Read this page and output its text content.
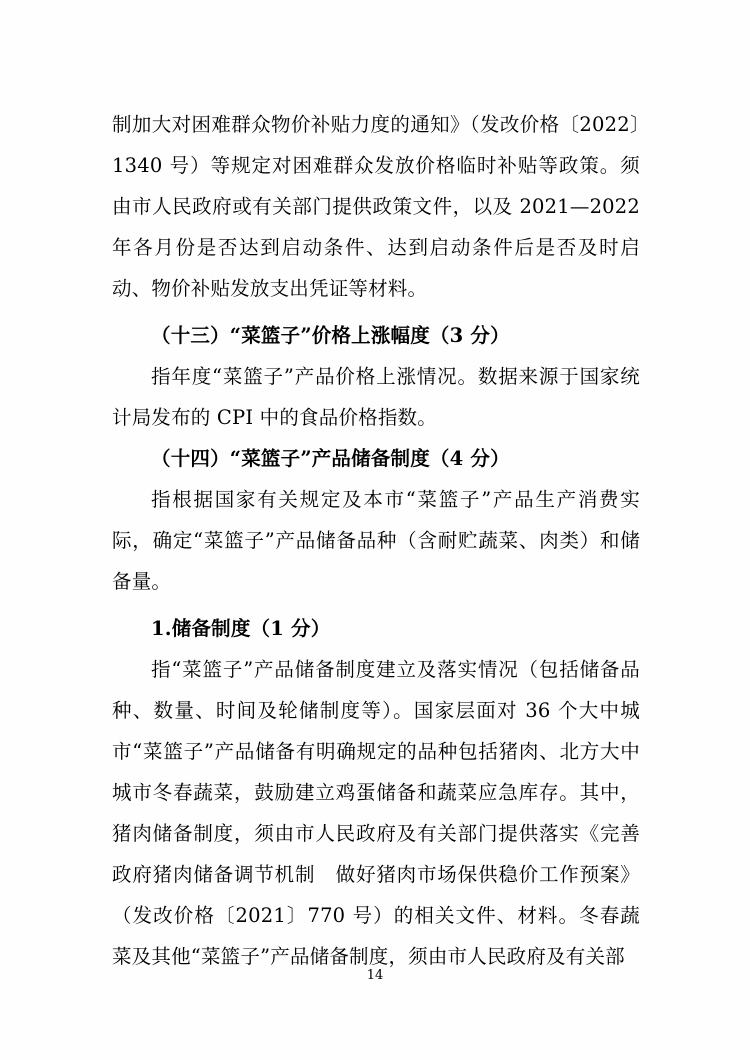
制加大对困难群众物价补贴力度的通知》（发改价格〔2022〕1340 号）等规定对困难群众发放价格临时补贴等政策。须由市人民政府或有关部门提供政策文件，以及 2021—2022 年各月份是否达到启动条件、达到启动条件后是否及时启动、物价补贴发放支出凭证等材料。

（十三）“菜篮子”价格上涨幅度（3 分）

指年度“菜篮子”产品价格上涨情况。数据来源于国家统计局发布的 CPI 中的食品价格指数。

（十四）“菜篮子”产品储备制度（4 分）

指根据国家有关规定及本市“菜篮子”产品生产消费实际，确定“菜篮子”产品储备品种（含耐贮蔬菜、肉类）和储备量。

1.储备制度（1 分）

指“菜篮子”产品储备制度建立及落实情况（包括储备品种、数量、时间及轮储制度等）。国家层面对 36 个大中城市“菜篮子”产品储备有明确规定的品种包括猪肉、北方大中城市冬春蔬菜，鼓励建立鸡蛋储备和蔬菜应急库存。其中，猪肉储备制度，须由市人民政府及有关部门提供落实《完善政府猪肉储备调节机制　做好猪肉市场保供稳价工作预案》（发改价格〔2021〕770 号）的相关文件、材料。冬春蔬菜及其他“菜篮子”产品储备制度，须由市人民政府及有关部

14
